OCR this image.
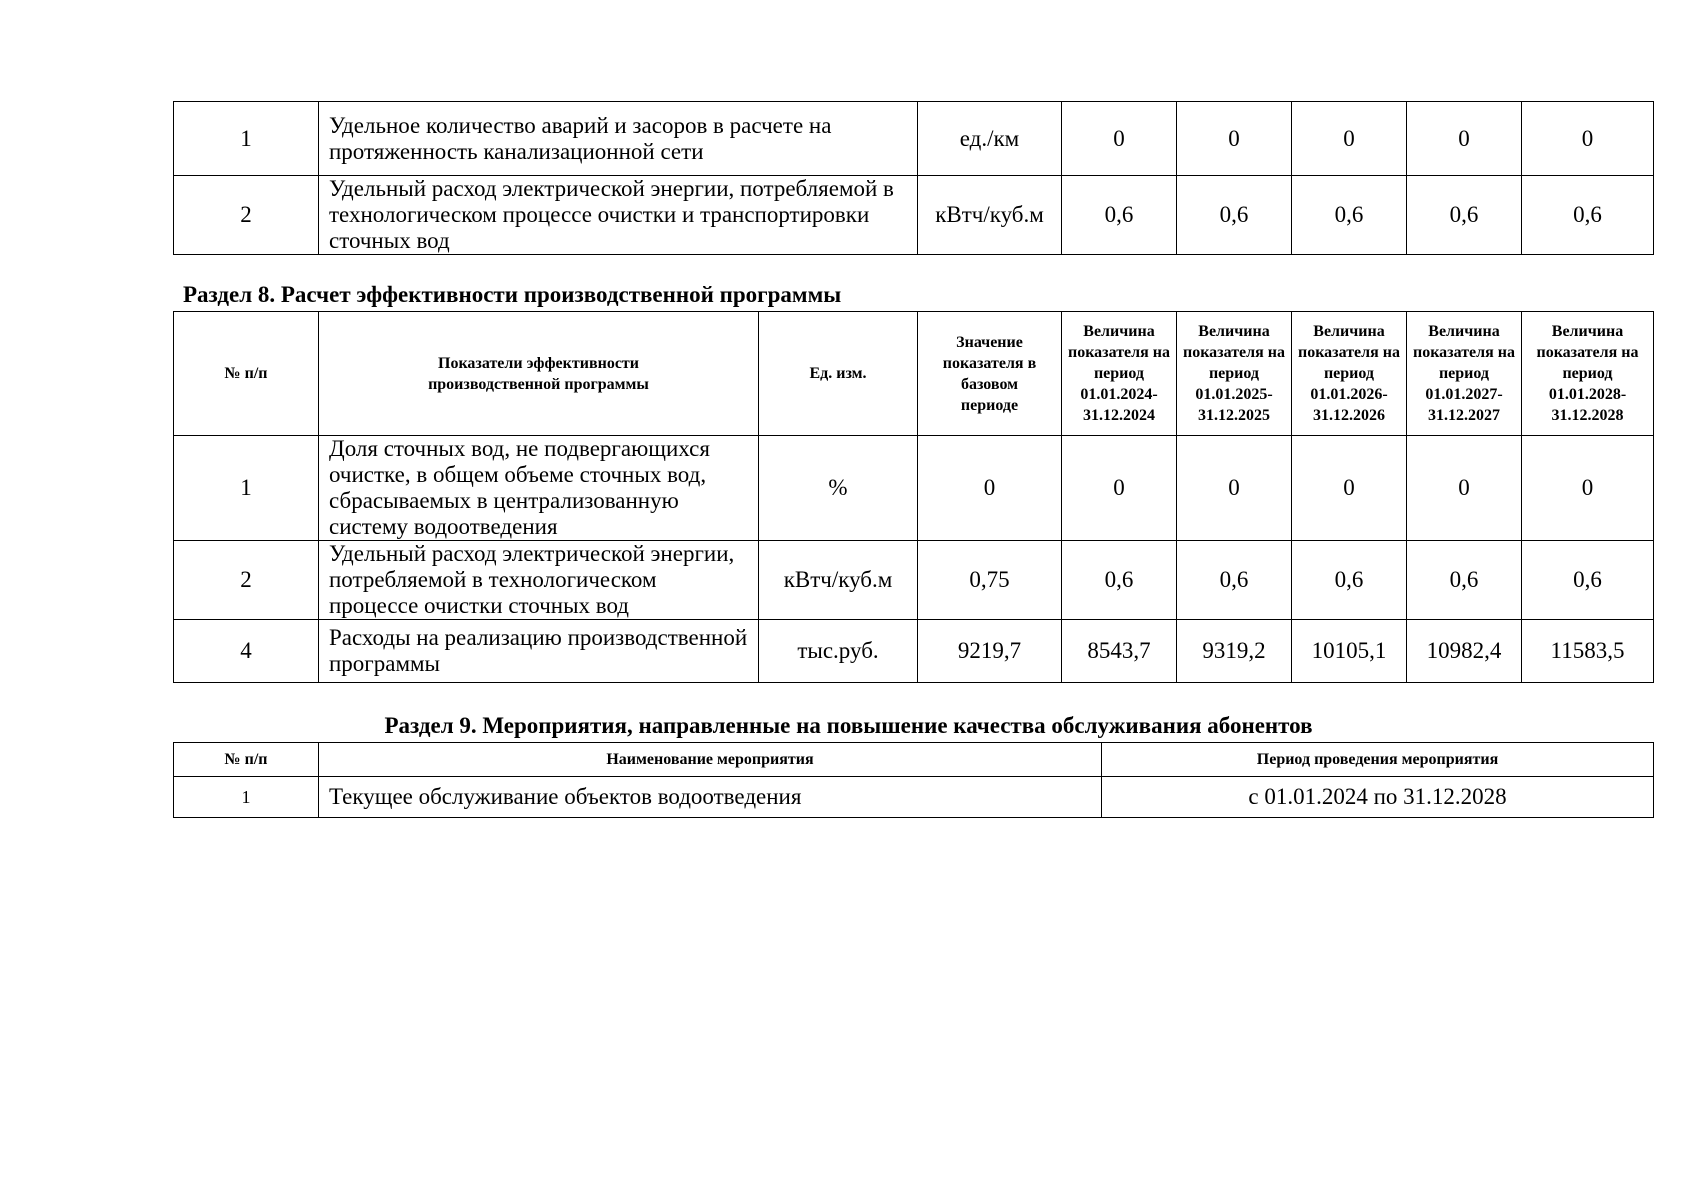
1	Удельное количество аварий и засоров в расчете на протяженность канализационной сети	ед./км	0	0	0	0	0
2	Удельный расход электрической энергии, потребляемой в технологическом процессе очистки и транспортировки сточных вод	кВтч/куб.м	0,6	0,6	0,6	0,6	0,6
Раздел 8. Расчет эффективности производственной программы
№ п/п	Показатели эффективности производственной программы	Ед. изм.	Значение показателя в базовом периоде	Величина показателя на период 01.01.2024-31.12.2024	Величина показателя на период 01.01.2025-31.12.2025	Величина показателя на период 01.01.2026-31.12.2026	Величина показателя на период 01.01.2027-31.12.2027	Величина показателя на период 01.01.2028-31.12.2028
1	Доля сточных вод, не подвергающихся очистке, в общем объеме сточных вод, сбрасываемых в централизованную систему водоотведения	%	0	0	0	0	0	0
2	Удельный расход электрической энергии, потребляемой в технологическом процессе очистки сточных вод	кВтч/куб.м	0,75	0,6	0,6	0,6	0,6	0,6
4	Расходы на реализацию производственной программы	тыс.руб.	9219,7	8543,7	9319,2	10105,1	10982,4	11583,5
Раздел 9. Мероприятия, направленные на повышение качества обслуживания абонентов
№ п/п	Наименование мероприятия	Период проведения мероприятия
1	Текущее обслуживание объектов водоотведения	с 01.01.2024 по 31.12.2028
